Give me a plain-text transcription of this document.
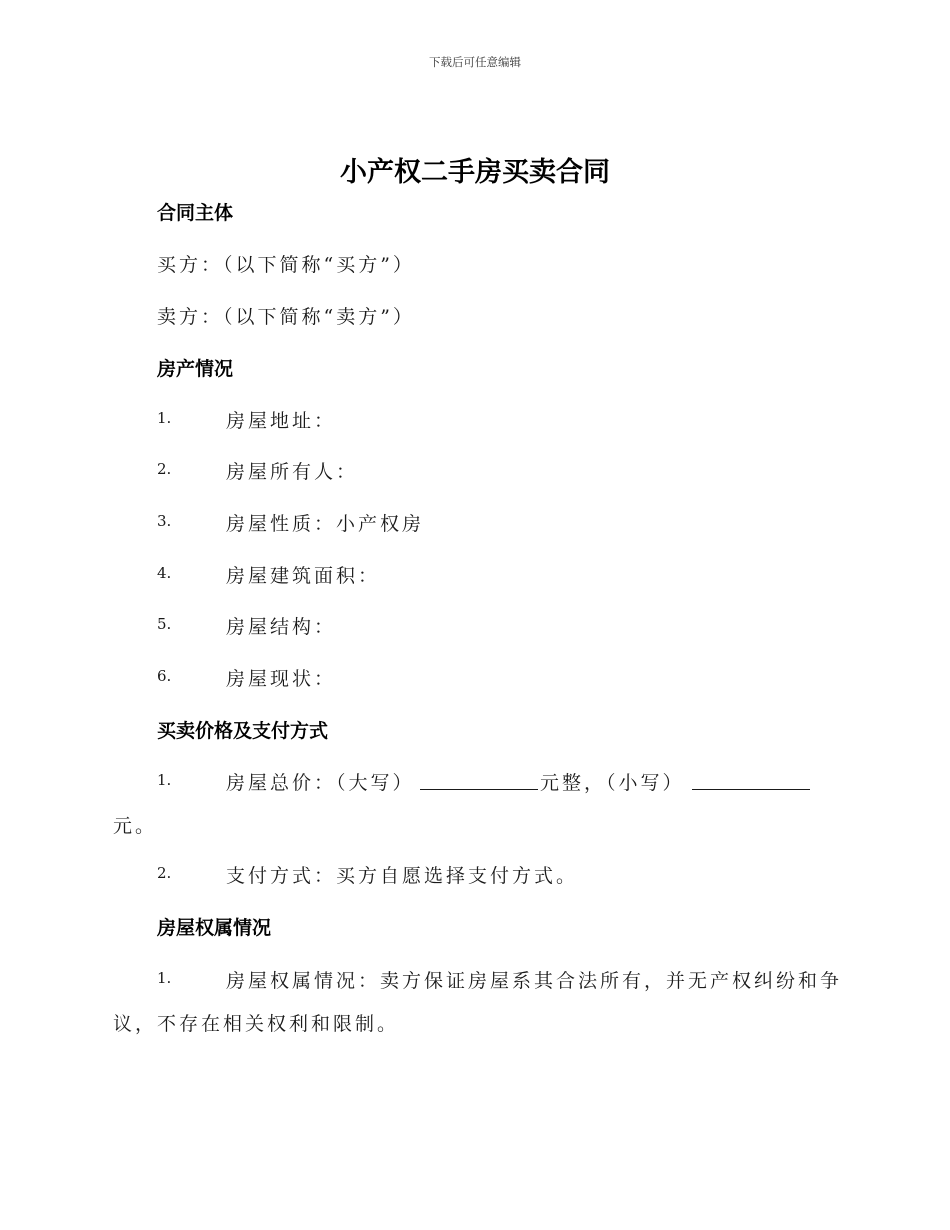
下载后可任意编辑
小产权二手房买卖合同
合同主体
买方：（以下简称“买方”）
卖方：（以下简称“卖方”）
房产情况
1.	房屋地址：
2.	房屋所有人：
3.	房屋性质：小产权房
4.	房屋建筑面积：
5.	房屋结构：
6.	房屋现状：
买卖价格及支付方式
1.	房屋总价：（大写）	元整，（小写）
元。
2.	支付方式：买方自愿选择支付方式。
房屋权属情况
1.	房屋权属情况：卖方保证房屋系其合法所有，并无产权纠纷和争
议，不存在相关权利和限制。
